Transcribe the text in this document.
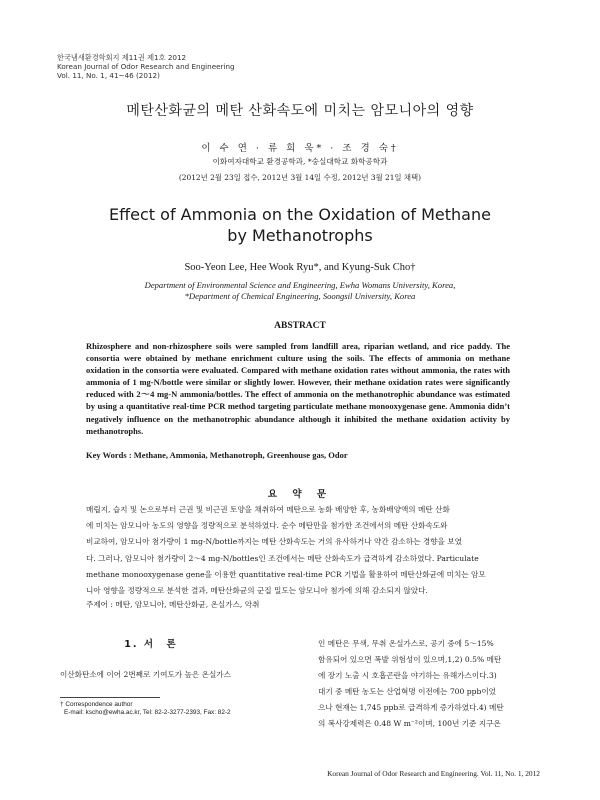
한국냄새환경학회지 제11권 제1호 2012
Korean Journal of Odor Research and Engineering
Vol. 11, No. 1, 41~46 (2012)
메탄산화균의 메탄 산화속도에 미치는 암모니아의 영향
이 수 연 · 류 희 욱* · 조 경 숙†
이화여자대학교 환경공학과, *숭실대학교 화학공학과
(2012년 2월 23일 접수, 2012년 3월 14일 수정, 2012년 3월 21일 채택)
Effect of Ammonia on the Oxidation of Methane
by Methanotrophs
Soo-Yeon Lee, Hee Wook Ryu*, and Kyung-Suk Cho†
Department of Environmental Science and Engineering, Ewha Womans University, Korea,
*Department of Chemical Engineering, Soongsil University, Korea
ABSTRACT
Rhizosphere and non-rhizosphere soils were sampled from landfill area, riparian wetland, and rice paddy. The consortia were obtained by methane enrichment culture using the soils. The effects of ammonia on methane oxidation in the consortia were evaluated. Compared with methane oxidation rates without ammonia, the rates with ammonia of 1 mg-N/bottle were similar or slightly lower. However, their methane oxidation rates were significantly reduced with 2～4 mg-N ammonia/bottles. The effect of ammonia on the methanotrophic abundance was estimated by using a quantitative real-time PCR method targeting particulate methane monooxygenase gene. Ammonia didn’t negatively influence on the methanotrophic abundance although it inhibited the methane oxidation activity by methanotrophs.
Key Words : Methane, Ammonia, Methanotroph, Greenhouse gas, Odor
요 약 문
매립지, 습지 및 논으로부터 근권 및 비근권 토양을 채취하여 메탄으로 농화 배양한 후, 농화배양액의 메탄 산화
에 미치는 암모니아 농도의 영향을 정량적으로 분석하였다. 순수 메탄만을 첨가한 조건에서의 메탄 산화속도와
비교하여, 암모니아 첨가량이 1 mg-N/bottle까지는 메탄 산화속도는 거의 유사하거나 약간 감소하는 경향을 보였
다. 그러나, 암모니아 첨가량이 2～4 mg-N/bottles인 조건에서는 메탄 산화속도가 급격하게 감소하였다. Particulate
methane monooxygenase gene을 이용한 quantitative real-time PCR 기법을 활용하여 메탄산화균에 미치는 암모
니아 영향을 정량적으로 분석한 결과, 메탄산화균의 군집 밀도는 암모니아 첨가에 의해 감소되지 않았다.
주제어 : 메탄, 암모니아, 메탄산화균, 온실가스, 악취
1. 서　론
이산화탄소에 이어 2번째로 기여도가 높은 온실가스
† Correspondence author
E-mail: kscho@ewha.ac.kr, Tel: 82-2-3277-2393, Fax: 82-2
인 메탄은 무색, 무취 온실가스로, 공기 중에 5～15%
함유되어 있으면 폭발 위험성이 있으며,1,2) 0.5% 메탄
에 장기 노출 시 호흡곤란을 야기하는 유해가스이다.3)
대기 중 메탄 농도는 산업혁명 이전에는 700 ppb이었
으나 현재는 1,745 ppb로 급격하게 증가하였다.4) 메탄
의 복사강제력은 0.48 W m⁻²이며, 100년 기준 지구온
Korean Journal of Odor Research and Engineering. Vol. 11, No. 1, 2012
